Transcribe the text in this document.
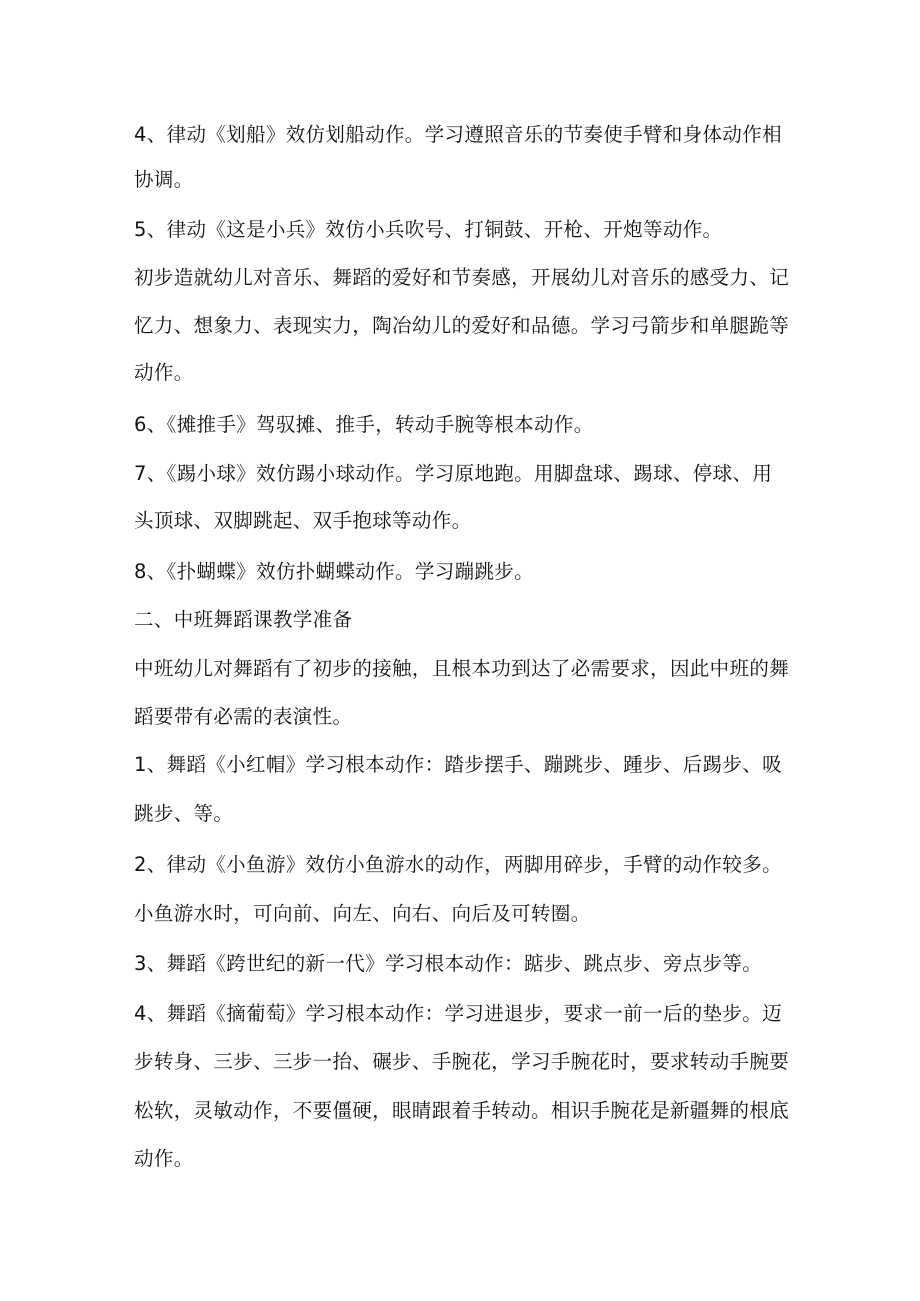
4、律动《划船》效仿划船动作。学习遵照音乐的节奏使手臂和身体动作相
协调。
5、律动《这是小兵》效仿小兵吹号、打铜鼓、开枪、开炮等动作。
初步造就幼儿对音乐、舞蹈的爱好和节奏感，开展幼儿对音乐的感受力、记
忆力、想象力、表现实力，陶冶幼儿的爱好和品德。学习弓箭步和单腿跪等
动作。
6、《摊推手》驾驭摊、推手，转动手腕等根本动作。
7、《踢小球》效仿踢小球动作。学习原地跑。用脚盘球、踢球、停球、用
头顶球、双脚跳起、双手抱球等动作。
8、《扑蝴蝶》效仿扑蝴蝶动作。学习蹦跳步。
二、中班舞蹈课教学准备
中班幼儿对舞蹈有了初步的接触，且根本功到达了必需要求，因此中班的舞
蹈要带有必需的表演性。
1、舞蹈《小红帽》学习根本动作：踏步摆手、蹦跳步、踵步、后踢步、吸
跳步、等。
2、律动《小鱼游》效仿小鱼游水的动作，两脚用碎步，手臂的动作较多。
小鱼游水时，可向前、向左、向右、向后及可转圈。
3、舞蹈《跨世纪的新一代》学习根本动作：踮步、跳点步、旁点步等。
4、舞蹈《摘葡萄》学习根本动作：学习进退步，要求一前一后的垫步。迈
步转身、三步、三步一抬、碾步、手腕花，学习手腕花时，要求转动手腕要
松软，灵敏动作，不要僵硬，眼睛跟着手转动。相识手腕花是新疆舞的根底
动作。
